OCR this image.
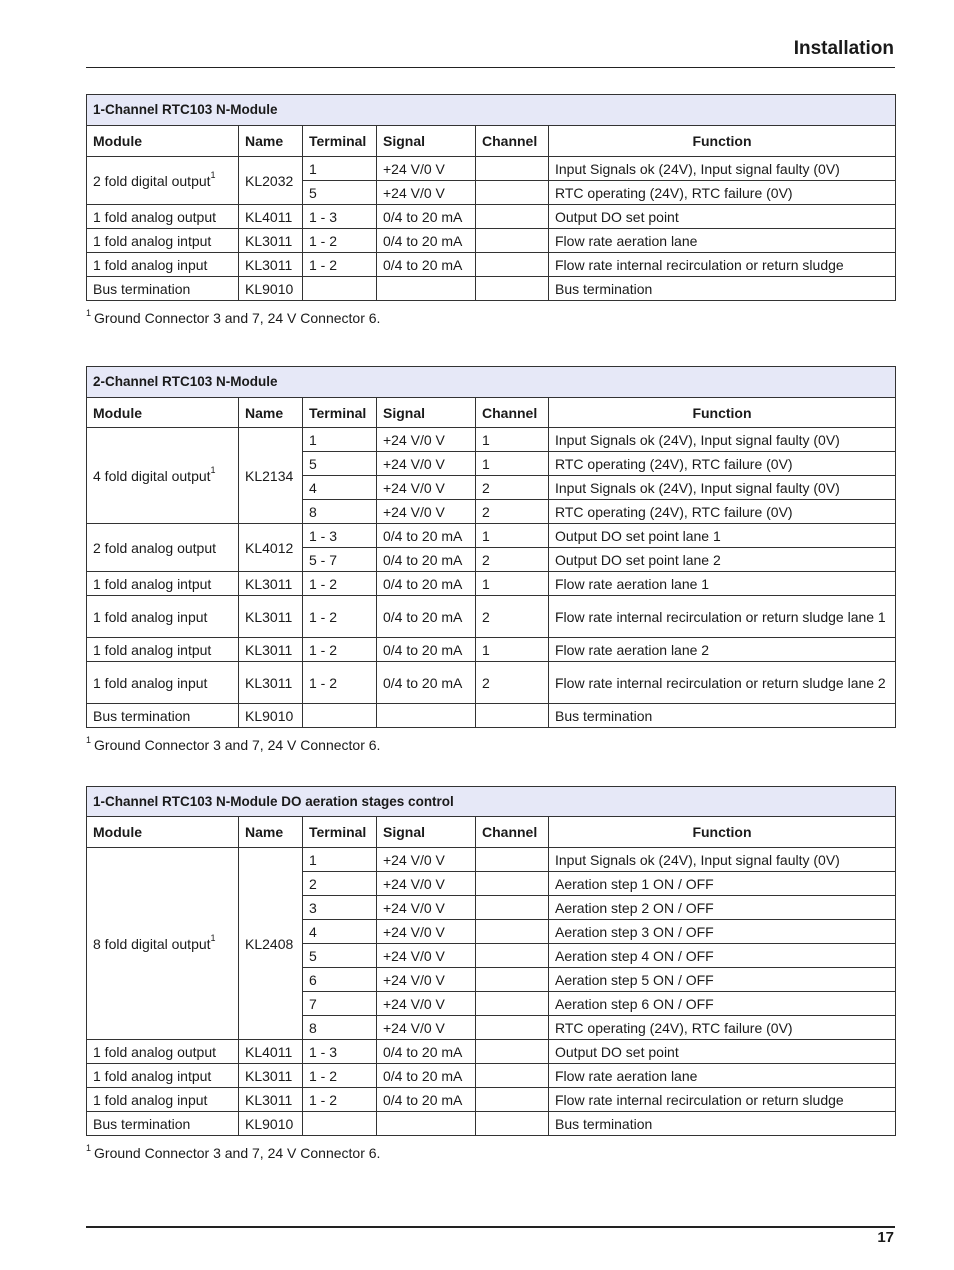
Installation
1-Channel RTC103 N-Module					
Module	Name	Terminal	Signal	Channel	Function
2 fold digital output$^1$	KL2032	1	+24 V/0 V		Input Signals ok (24V), Input signal faulty (0V)
		5	+24 V/0 V		RTC operating (24V), RTC failure (0V)
1 fold analog output	KL4011	1 - 3	0/4 to 20 mA		Output DO set point
1 fold analog intput	KL3011	1 - 2	0/4 to 20 mA		Flow rate aeration lane
1 fold analog input	KL3011	1 - 2	0/4 to 20 mA		Flow rate internal recirculation or return sludge
Bus termination	KL9010				Bus termination
$^1$ Ground Connector 3 and 7, 24 V Connector 6.
2-Channel RTC103 N-Module					
Module	Name	Terminal	Signal	Channel	Function
4 fold digital output$^1$	KL2134	1	+24 V/0 V	1	Input Signals ok (24V), Input signal faulty (0V)
		5	+24 V/0 V	1	RTC operating (24V), RTC failure (0V)
		4	+24 V/0 V	2	Input Signals ok (24V), Input signal faulty (0V)
		8	+24 V/0 V	2	RTC operating (24V), RTC failure (0V)
2 fold analog output	KL4012	1 - 3	0/4 to 20 mA	1	Output DO set point lane 1
		5 - 7	0/4 to 20 mA	2	Output DO set point lane 2
1 fold analog intput	KL3011	1 - 2	0/4 to 20 mA	1	Flow rate aeration lane 1
1 fold analog input	KL3011	1 - 2	0/4 to 20 mA	2	Flow rate internal recirculation or return sludge lane 1
1 fold analog intput	KL3011	1 - 2	0/4 to 20 mA	1	Flow rate aeration lane 2
1 fold analog input	KL3011	1 - 2	0/4 to 20 mA	2	Flow rate internal recirculation or return sludge lane 2
Bus termination	KL9010				Bus termination
$^1$ Ground Connector 3 and 7, 24 V Connector 6.
1-Channel RTC103 N-Module DO aeration stages control					
Module	Name	Terminal	Signal	Channel	Function
8 fold digital output$^1$	KL2408	1	+24 V/0 V		Input Signals ok (24V), Input signal faulty (0V)
		2	+24 V/0 V		Aeration step 1 ON / OFF
		3	+24 V/0 V		Aeration step 2 ON / OFF
		4	+24 V/0 V		Aeration step 3 ON / OFF
		5	+24 V/0 V		Aeration step 4 ON / OFF
		6	+24 V/0 V		Aeration step 5 ON / OFF
		7	+24 V/0 V		Aeration step 6 ON / OFF
		8	+24 V/0 V		RTC operating (24V), RTC failure (0V)
1 fold analog output	KL4011	1 - 3	0/4 to 20 mA		Output DO set point
1 fold analog intput	KL3011	1 - 2	0/4 to 20 mA		Flow rate aeration lane
1 fold analog input	KL3011	1 - 2	0/4 to 20 mA		Flow rate internal recirculation or return sludge
Bus termination	KL9010				Bus termination
$^1$ Ground Connector 3 and 7, 24 V Connector 6.
17
